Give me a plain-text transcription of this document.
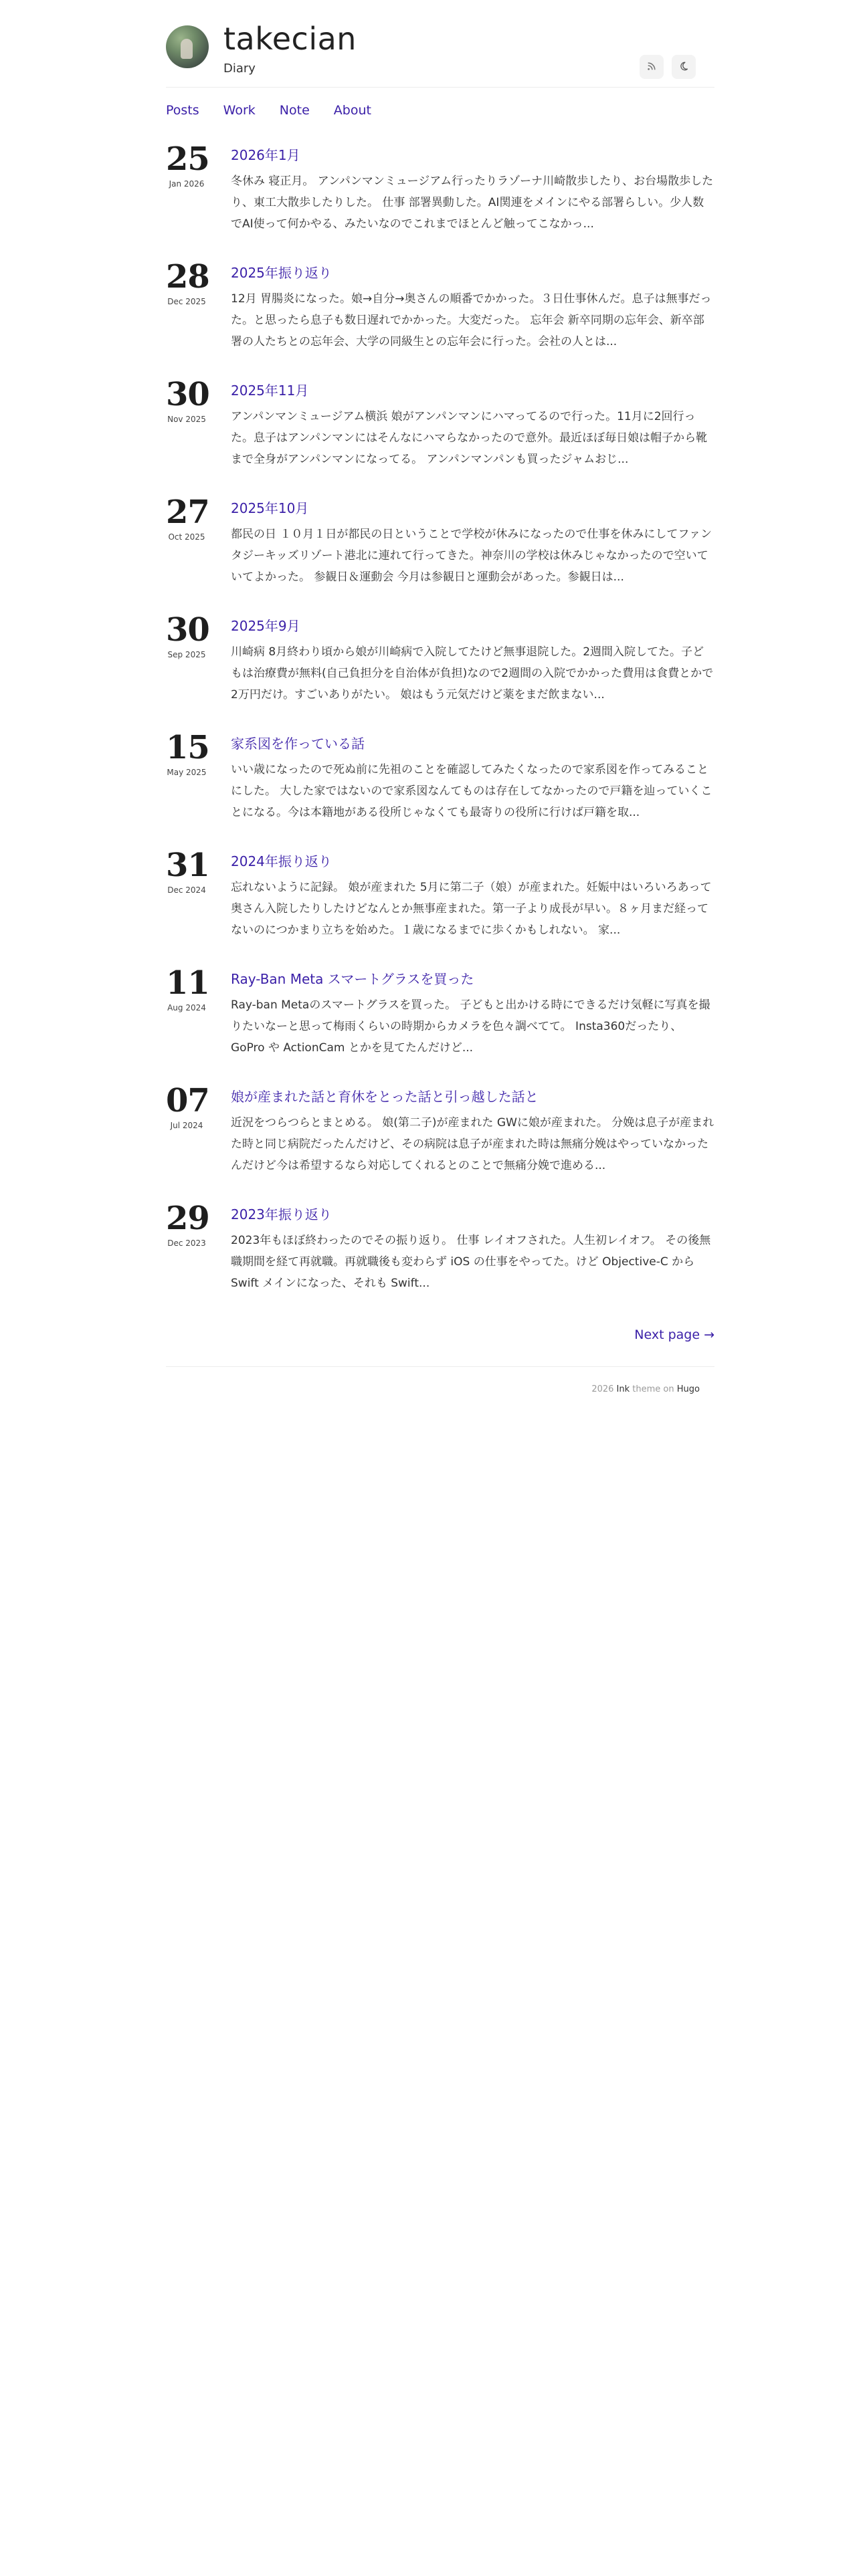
takecian
Diary
Posts Work Note About
25
Jan 2026
2026年1月

冬休み 寝正月。 アンパンマンミュージアム行ったりラゾーナ川崎散歩したり、お台場散歩したり、東工大散歩したりした。 仕事 部署異動した。AI関連をメインにやる部署らしい。少人数でAI使って何かやる、みたいなのでこれまでほとんど触ってこなかっ...

28
Dec 2025
2025年振り返り

12月 胃腸炎になった。娘→自分→奥さんの順番でかかった。３日仕事休んだ。息子は無事だった。と思ったら息子も数日遅れでかかった。大変だった。 忘年会 新卒同期の忘年会、新卒部署の人たちとの忘年会、大学の同級生との忘年会に行った。会社の人とは...

30
Nov 2025
2025年11月

アンパンマンミュージアム横浜 娘がアンパンマンにハマってるので行った。11月に2回行った。息子はアンパンマンにはそんなにハマらなかったので意外。最近ほぼ毎日娘は帽子から靴まで全身がアンパンマンになってる。 アンパンマンパンも買ったジャムおじ...

27
Oct 2025
2025年10月

都民の日 １０月１日が都民の日ということで学校が休みになったので仕事を休みにしてファンタジーキッズリゾート港北に連れて行ってきた。神奈川の学校は休みじゃなかったので空いていてよかった。 参観日＆運動会 今月は参観日と運動会があった。参観日は...

30
Sep 2025
2025年9月

川崎病 8月終わり頃から娘が川崎病で入院してたけど無事退院した。2週間入院してた。子どもは治療費が無料(自己負担分を自治体が負担)なので2週間の入院でかかった費用は食費とかで2万円だけ。すごいありがたい。 娘はもう元気だけど薬をまだ飲まない...

15
May 2025
家系図を作っている話

いい歳になったので死ぬ前に先祖のことを確認してみたくなったので家系図を作ってみることにした。 大した家ではないので家系図なんてものは存在してなかったので戸籍を辿っていくことになる。今は本籍地がある役所じゃなくても最寄りの役所に行けば戸籍を取...

31
Dec 2024
2024年振り返り

忘れないように記録。 娘が産まれた 5月に第二子（娘）が産まれた。妊娠中はいろいろあって奥さん入院したりしたけどなんとか無事産まれた。第一子より成長が早い。８ヶ月まだ経ってないのにつかまり立ちを始めた。１歳になるまでに歩くかもしれない。 家...

11
Aug 2024
Ray-Ban Meta スマートグラスを買った

Ray-ban Metaのスマートグラスを買った。 子どもと出かける時にできるだけ気軽に写真を撮りたいなーと思って梅雨くらいの時期からカメラを色々調べてて。 Insta360だったり、GoPro や ActionCam とかを見てたんだけど...

07
Jul 2024
娘が産まれた話と育休をとった話と引っ越した話と

近況をつらつらとまとめる。 娘(第二子)が産まれた GWに娘が産まれた。 分娩は息子が産まれた時と同じ病院だったんだけど、その病院は息子が産まれた時は無痛分娩はやっていなかったんだけど今は希望するなら対応してくれるとのことで無痛分娩で進める...

29
Dec 2023
2023年振り返り

2023年もほぼ終わったのでその振り返り。 仕事 レイオフされた。人生初レイオフ。 その後無職期間を経て再就職。再就職後も変わらず iOS の仕事をやってた。けど Objective-C から Swift メインになった、それも Swift...

Next page →
2026 Ink theme on Hugo
